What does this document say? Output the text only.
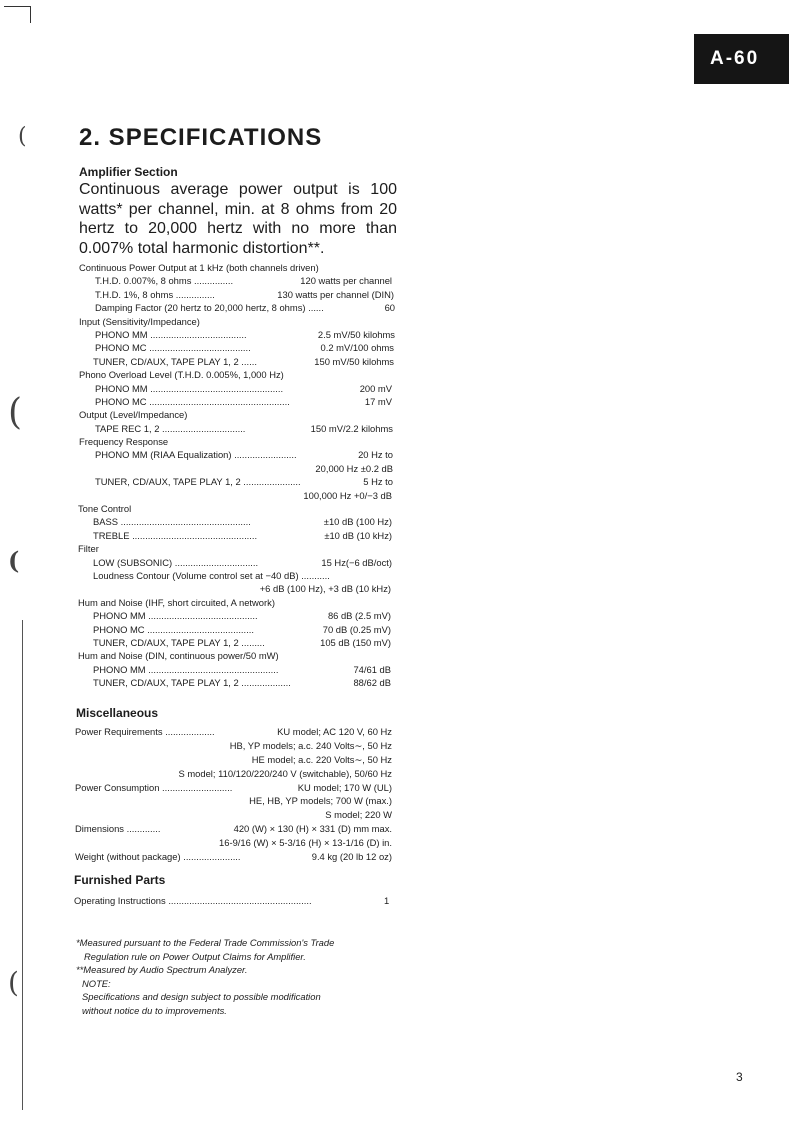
(
(
(
(
A-60
2. SPECIFICATIONS
Amplifier Section
Continuous average power output is 100 watts* per channel, min. at 8 ohms from 20 hertz to 20,000 hertz with no more than 0.007% total harmonic distortion**.
Continuous Power Output at 1 kHz (both channels driven)
T.H.D. 0.007%, 8 ohms ...............	120 watts per channel
T.H.D. 1%, 8 ohms ...............	130 watts per channel (DIN)
Damping Factor (20 hertz to 20,000 hertz, 8 ohms) ......	60
Input (Sensitivity/Impedance)
PHONO MM .....................................	2.5 mV/50 kilohms
PHONO MC .......................................	0.2 mV/100 ohms
TUNER, CD/AUX, TAPE PLAY 1, 2 ......	150 mV/50 kilohms
Phono Overload Level (T.H.D. 0.005%, 1,000 Hz)
PHONO MM ...................................................	200 mV
PHONO MC ......................................................	17 mV
Output (Level/Impedance)
TAPE REC 1, 2 ................................	150 mV/2.2 kilohms
Frequency Response
PHONO MM (RIAA Equalization) ........................	20 Hz to
20,000 Hz ±0.2 dB
TUNER, CD/AUX, TAPE PLAY 1, 2 ......................	5 Hz to
100,000 Hz +0/−3 dB
Tone Control
BASS ..................................................	±10 dB (100 Hz)
TREBLE ................................................	±10 dB (10 kHz)
Filter
LOW (SUBSONIC) ................................	15 Hz(−6 dB/oct)
Loudness Contour (Volume control set at −40 dB) ...........
+6 dB (100 Hz), +3 dB (10 kHz)
Hum and Noise (IHF, short circuited, A network)
PHONO MM ..........................................	86 dB (2.5 mV)
PHONO MC .........................................	70 dB (0.25 mV)
TUNER, CD/AUX, TAPE PLAY 1, 2 .........	105 dB (150 mV)
Hum and Noise (DIN, continuous power/50 mW)
PHONO MM ..................................................	74/61 dB
TUNER, CD/AUX, TAPE PLAY 1, 2 ...................	88/62 dB
Miscellaneous
Power Requirements ...................	KU model; AC 120 V, 60 Hz
HB, YP models; a.c. 240 Volts∼, 50 Hz
HE model; a.c. 220 Volts∼, 50 Hz
S model; 110/120/220/240 V (switchable), 50/60 Hz
Power Consumption ...........................	KU model; 170 W (UL)
HE, HB, YP models; 700 W (max.)
S model; 220 W
Dimensions .............	420 (W) × 130 (H) × 331 (D) mm max.
16-9/16 (W) × 5-3/16 (H) × 13-1/16 (D) in.
Weight (without package) ......................	9.4 kg (20 lb 12 oz)
Furnished Parts
Operating Instructions .......................................................	1
*Measured pursuant to the Federal Trade Commission's Trade
Regulation rule on Power Output Claims for Amplifier.
**Measured by Audio Spectrum Analyzer.
NOTE:
Specifications and design subject to possible modification
without notice du to improvements.
3
